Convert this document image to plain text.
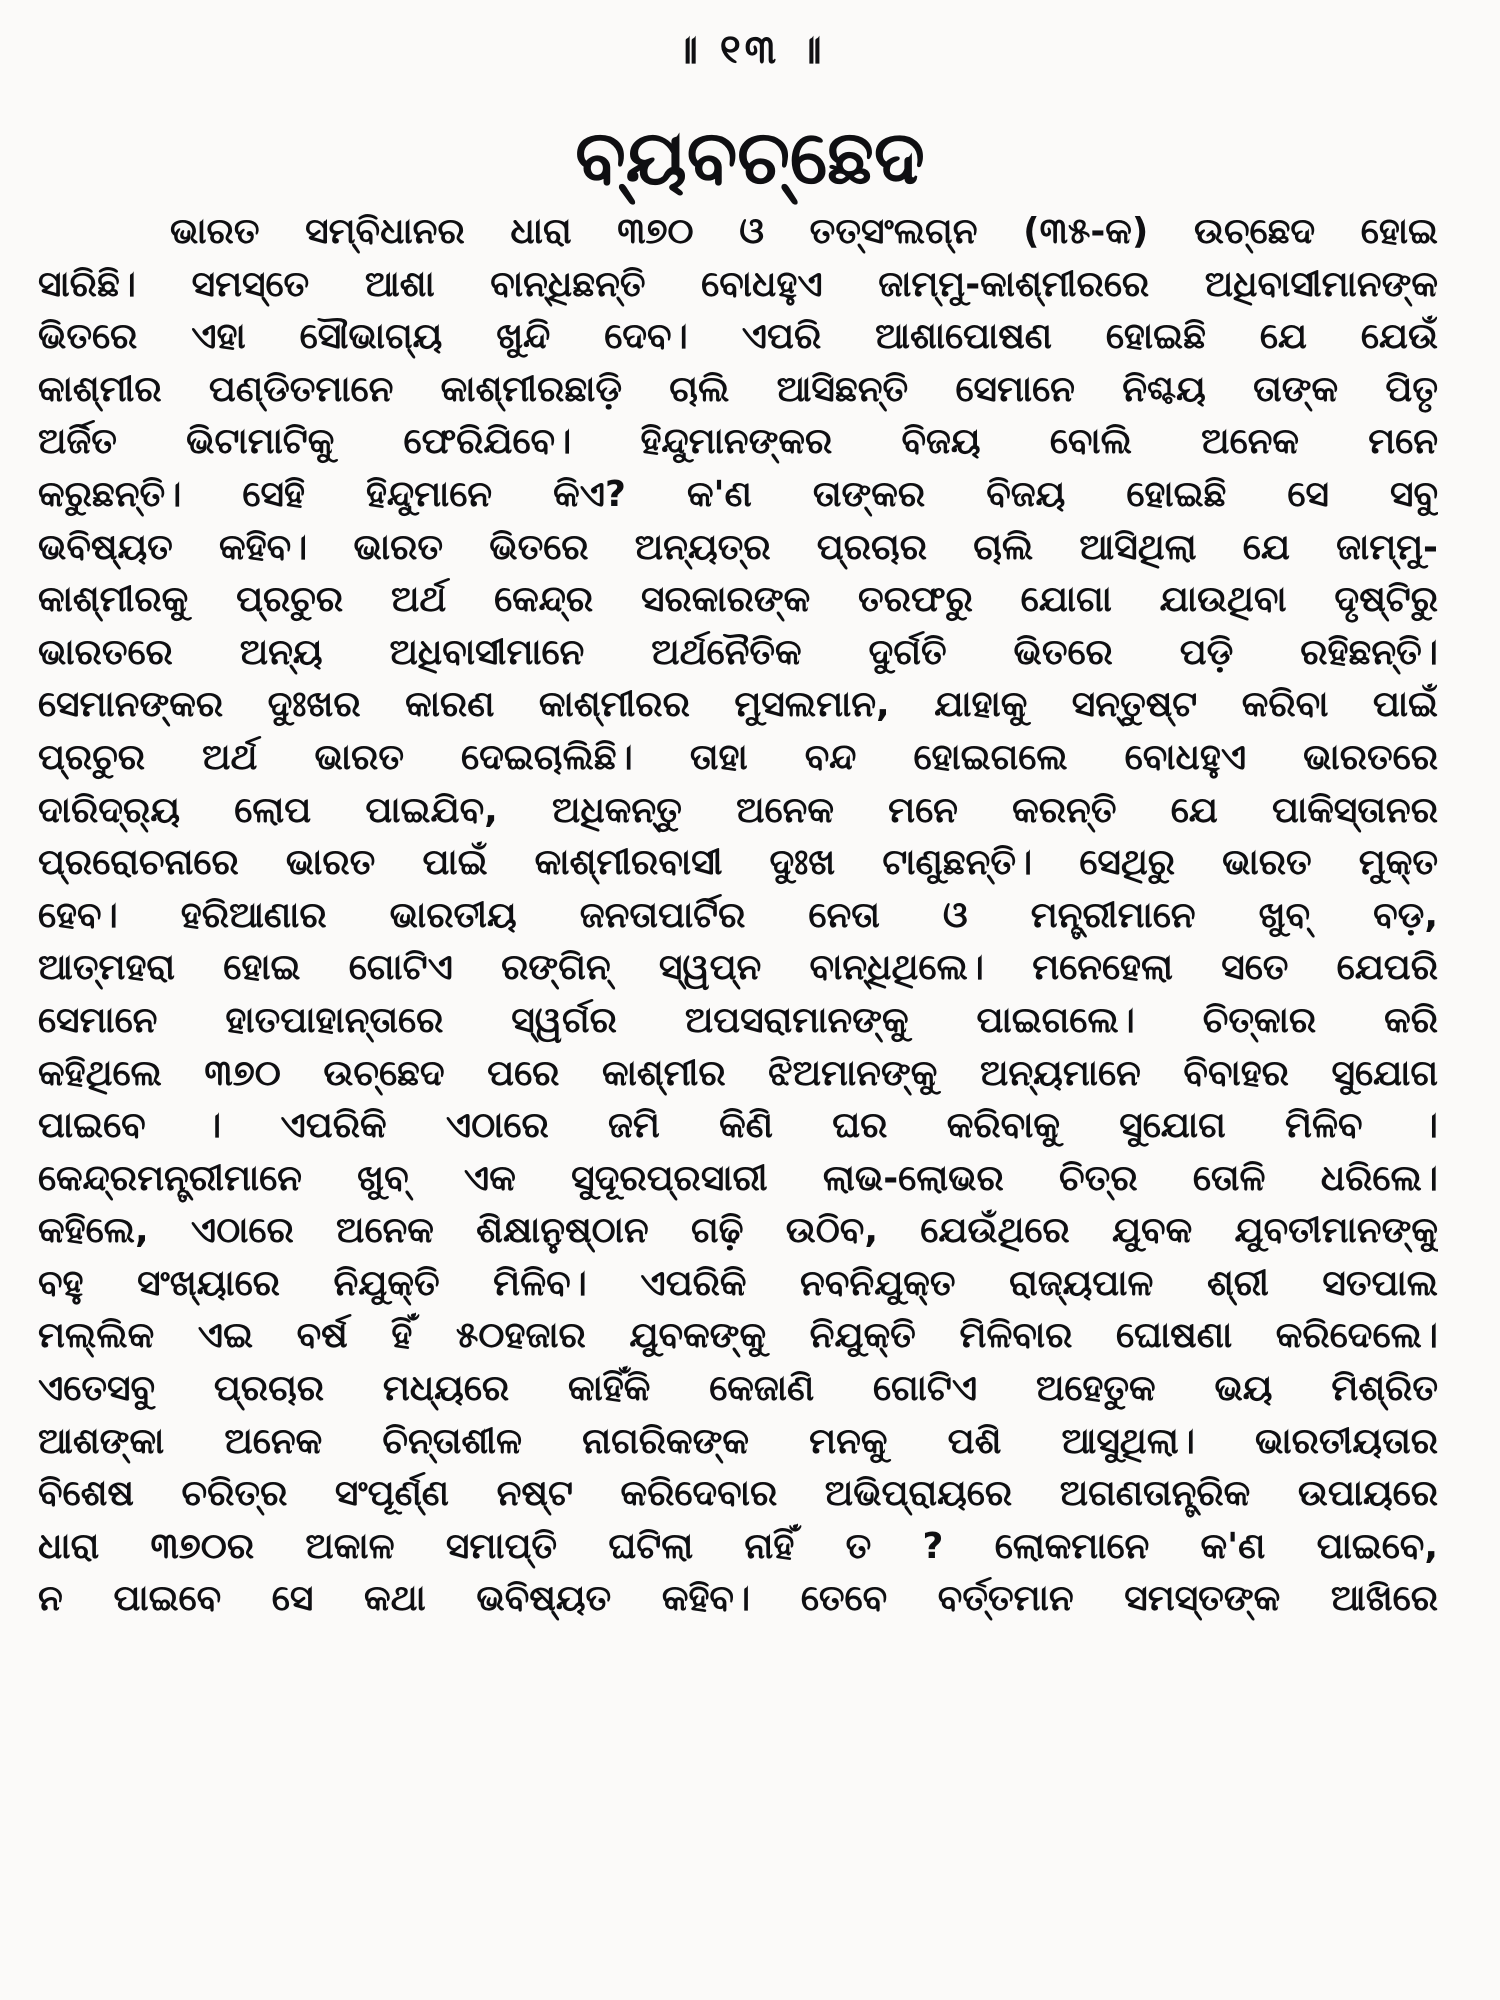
॥ ୧୩ ॥
ବ୍ୟବଚ୍ଛେଦ
ଭାରତ ସମ୍ବିଧାନର ଧାରା ୩୭୦ ଓ ତତ୍‌ସଂଲଗ୍ନ (୩୫-କ) ଉଚ୍ଛେଦ ହୋଇ
ସାରିଛି। ସମସ୍ତେ ଆଶା ବାନ୍ଧିଛନ୍ତି ବୋଧହୁଏ ଜାମ୍ମୁ-କାଶ୍ମୀରରେ ଅଧିବାସୀମାନଙ୍କ
ଭିତରେ ଏହା ସୌଭାଗ୍ୟ ଖୁନ୍ଦି ଦେବ। ଏପରି ଆଶାପୋଷଣ ହୋଇଛି ଯେ ଯେଉଁ
କାଶ୍ମୀର ପଣ୍ଡିତମାନେ କାଶ୍ମୀରଛାଡ଼ି ଚାଲି ଆସିଛନ୍ତି ସେମାନେ ନିଶ୍ଚୟ ତାଙ୍କ ପିତୃ
ଅର୍ଜିତ ଭିଟାମାଟିକୁ ଫେରିଯିବେ। ହିନ୍ଦୁମାନଙ୍କର ବିଜୟ ବୋଲି ଅନେକ ମନେ
କରୁଛନ୍ତି। ସେହି ହିନ୍ଦୁମାନେ କିଏ? କ'ଣ ତାଙ୍କର ବିଜୟ ହୋଇଛି ସେ ସବୁ
ଭବିଷ୍ୟତ କହିବ। ଭାରତ ଭିତରେ ଅନ୍ୟତ୍ର ପ୍ରଚାର ଚାଲି ଆସିଥିଲା ଯେ ଜାମ୍ମୁ-
କାଶ୍ମୀରକୁ ପ୍ରଚୁର ଅର୍ଥ କେନ୍ଦ୍ର ସରକାରଙ୍କ ତରଫରୁ ଯୋଗା ଯାଉଥିବା ଦୃଷ୍ଟିରୁ
ଭାରତରେ ଅନ୍ୟ ଅଧିବାସୀମାନେ ଅର୍ଥନୈତିକ ଦୁର୍ଗତି ଭିତରେ ପଡ଼ି ରହିଛନ୍ତି।
ସେମାନଙ୍କର ଦୁଃଖର କାରଣ କାଶ୍ମୀରର ମୁସଲମାନ, ଯାହାକୁ ସନ୍ତୁଷ୍ଟ କରିବା ପାଇଁ
ପ୍ରଚୁର ଅର୍ଥ ଭାରତ ଦେଇଚାଲିଛି। ତାହା ବନ୍ଦ ହୋଇଗଲେ ବୋଧହୁଏ ଭାରତରେ
ଦାରିଦ୍ର୍ୟ ଲୋପ ପାଇଯିବ, ଅଧିକନ୍ତୁ ଅନେକ ମନେ କରନ୍ତି ଯେ ପାକିସ୍ତାନର
ପ୍ରରୋଚନାରେ ଭାରତ ପାଇଁ କାଶ୍ମୀରବାସୀ ଦୁଃଖ ଟାଣୁଛନ୍ତି। ସେଥିରୁ ଭାରତ ମୁକ୍ତ
ହେବ। ହରିଆଣାର ଭାରତୀୟ ଜନତାପାର୍ଟିର ନେତା ଓ ମନ୍ତ୍ରୀମାନେ ଖୁବ୍ ବଡ଼,
ଆତ୍ମହରା ହୋଇ ଗୋଟିଏ ରଙ୍ଗିନ୍ ସ୍ୱପ୍ନ ବାନ୍ଧିଥିଲେ। ମନେହେଲା ସତେ ଯେପରି
ସେମାନେ ହାତପାହାନ୍ତାରେ ସ୍ୱର୍ଗର ଅପସରାମାନଙ୍କୁ ପାଇଗଲେ। ଚିତ୍କାର କରି
କହିଥିଲେ ୩୭୦ ଉଚ୍ଛେଦ ପରେ କାଶ୍ମୀର ଝିଅମାନଙ୍କୁ ଅନ୍ୟମାନେ ବିବାହର ସୁଯୋଗ
ପାଇବେ । ଏପରିକି ଏଠାରେ ଜମି କିଣି ଘର କରିବାକୁ ସୁଯୋଗ ମିଳିବ ।
କେନ୍ଦ୍ରମନ୍ତ୍ରୀମାନେ ଖୁବ୍ ଏକ ସୁଦୂରପ୍ରସାରୀ ଲାଭ-ଲୋଭର ଚିତ୍ର ତୋଳି ଧରିଲେ।
କହିଲେ, ଏଠାରେ ଅନେକ ଶିକ୍ଷାନୁଷ୍ଠାନ ଗଢ଼ି ଉଠିବ, ଯେଉଁଥିରେ ଯୁବକ ଯୁବତୀମାନଙ୍କୁ
ବହୁ ସଂଖ୍ୟାରେ ନିଯୁକ୍ତି ମିଳିବ। ଏପରିକି ନବନିଯୁକ୍ତ ରାଜ୍ୟପାଳ ଶ୍ରୀ ସତପାଲ
ମଲ୍ଲିକ ଏଇ ବର୍ଷ ହିଁ ୫୦ହଜାର ଯୁବକଙ୍କୁ ନିଯୁକ୍ତି ମିଳିବାର ଘୋଷଣା କରିଦେଲେ।
ଏତେସବୁ ପ୍ରଚାର ମଧ୍ୟରେ କାହିଁକି କେଜାଣି ଗୋଟିଏ ଅହେତୁକ ଭୟ ମିଶ୍ରିତ
ଆଶଙ୍କା ଅନେକ ଚିନ୍ତାଶୀଳ ନାଗରିକଙ୍କ ମନକୁ ପଶି ଆସୁଥିଲା। ଭାରତୀୟତାର
ବିଶେଷ ଚରିତ୍ର ସଂପୂର୍ଣ୍ଣ ନଷ୍ଟ କରିଦେବାର ଅଭିପ୍ରାୟରେ ଅଗଣତାନ୍ତ୍ରିକ ଉପାୟରେ
ଧାରା ୩୭୦ର ଅକାଳ ସମାପ୍ତି ଘଟିଲା ନାହିଁ ତ ? ଲୋକମାନେ କ'ଣ ପାଇବେ,
ନ ପାଇବେ ସେ କଥା ଭବିଷ୍ୟତ କହିବ। ତେବେ ବର୍ତ୍ତମାନ ସମସ୍ତଙ୍କ ଆଖିରେ
